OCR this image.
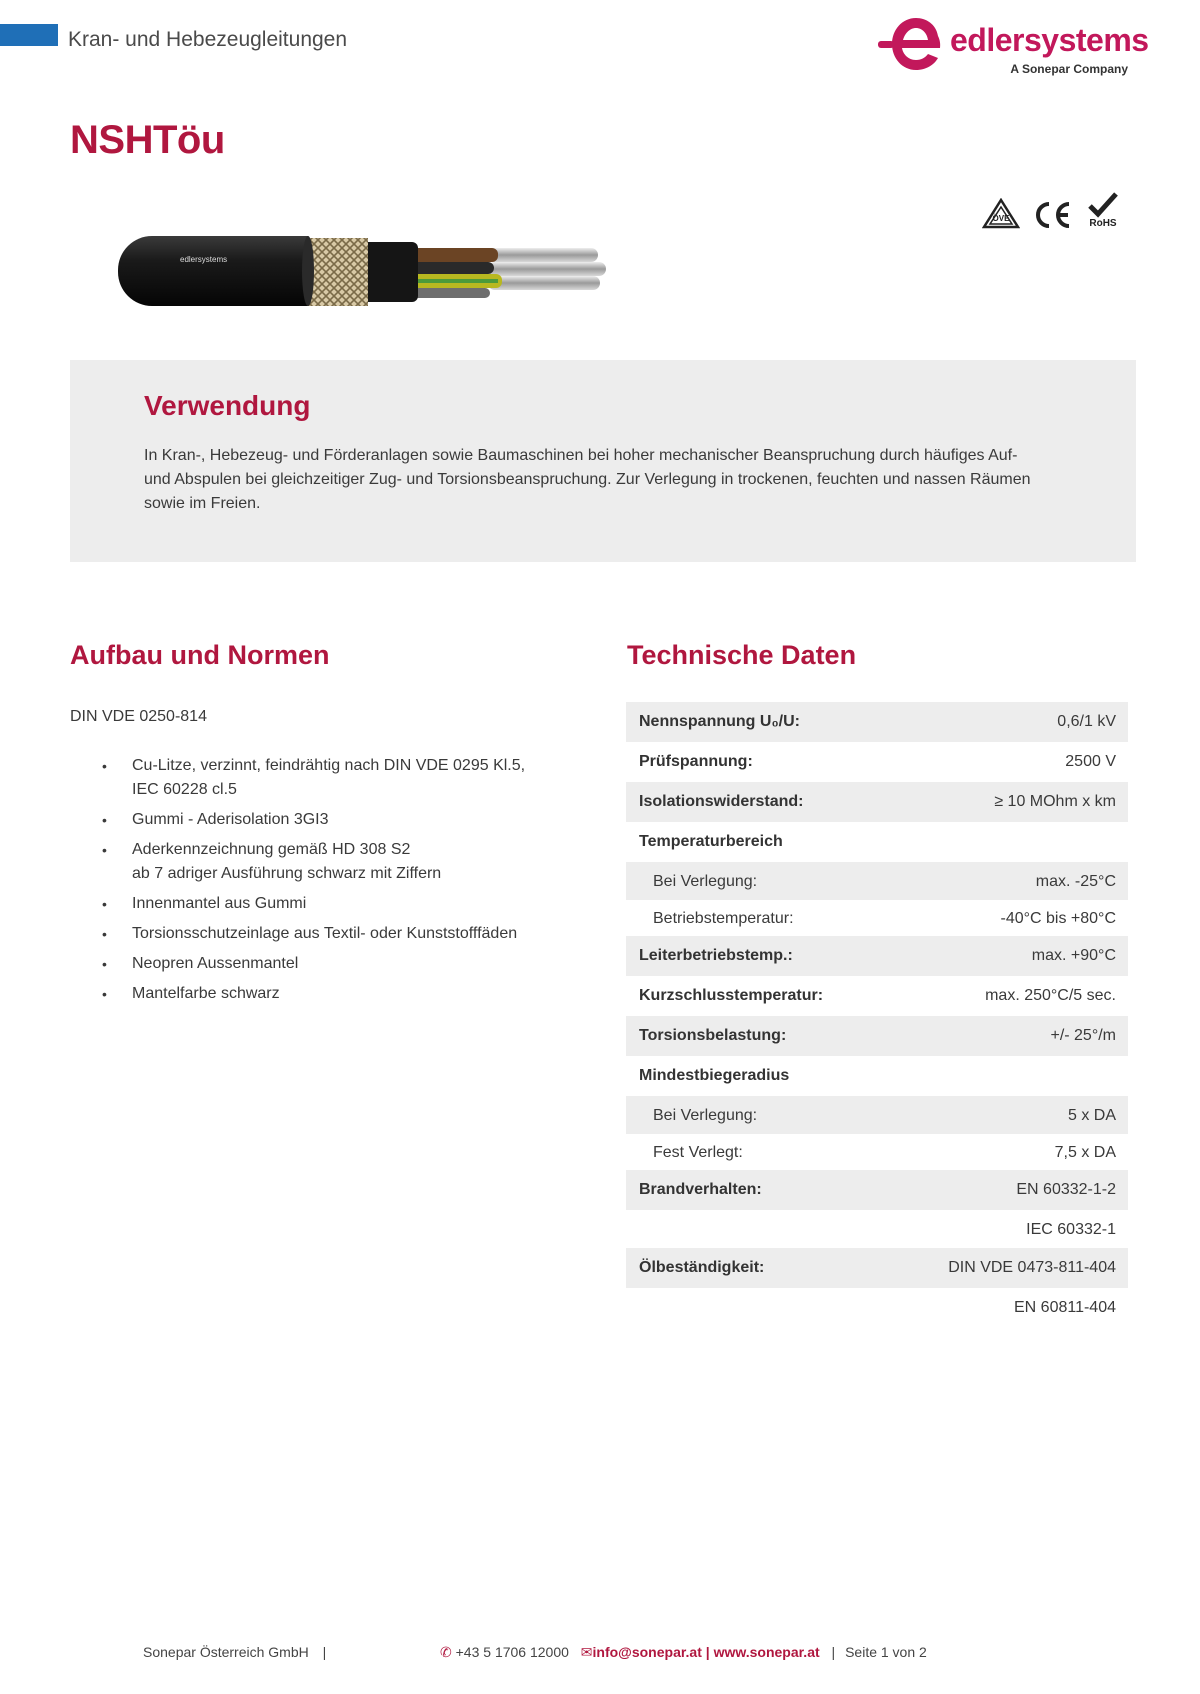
Kran- und Hebezeugleitungen	edlersystems
A Sonepar Company
NSHTöu
ÖVE	RoHS
edlersystems
Verwendung
In Kran-, Hebezeug- und Förderanlagen sowie Baumaschinen bei hoher mechanischer Beanspruchung durch häufiges Auf-
und Abspulen bei gleichzeitiger Zug- und Torsionsbeanspruchung. Zur Verlegung in trockenen, feuchten und nassen Räumen
sowie im Freien.
Aufbau und Normen
DIN VDE 0250-814
• Cu-Litze, verzinnt, feindrähtig nach DIN VDE 0295 Kl.5,
IEC 60228 cl.5
• Gummi - Aderisolation 3GI3
• Aderkennzeichnung gemäß HD 308 S2
ab 7 adriger Ausführung schwarz mit Ziffern
• Innenmantel aus Gummi
• Torsionsschutzeinlage aus Textil- oder Kunststofffäden
• Neopren Aussenmantel
• Mantelfarbe schwarz
Technische Daten
Nennspannung U₀/U:	0,6/1 kV
Prüfspannung:	2500 V
Isolationswiderstand:	≥ 10 MOhm x km
Temperaturbereich
Bei Verlegung:	max. -25°C
Betriebstemperatur:	-40°C bis +80°C
Leiterbetriebstemp.:	max. +90°C
Kurzschlusstemperatur:	max. 250°C/5 sec.
Torsionsbelastung:	+/- 25°/m
Mindestbiegeradius
Bei Verlegung:	5 x DA
Fest Verlegt:	7,5 x DA
Brandverhalten:	EN 60332-1-2
IEC 60332-1
Ölbeständigkeit:	DIN VDE 0473-811-404
EN 60811-404
Sonepar Österreich GmbH |	✆ +43 5 1706 12000 ✉info@sonepar.at | www.sonepar.at | Seite 1 von 2
